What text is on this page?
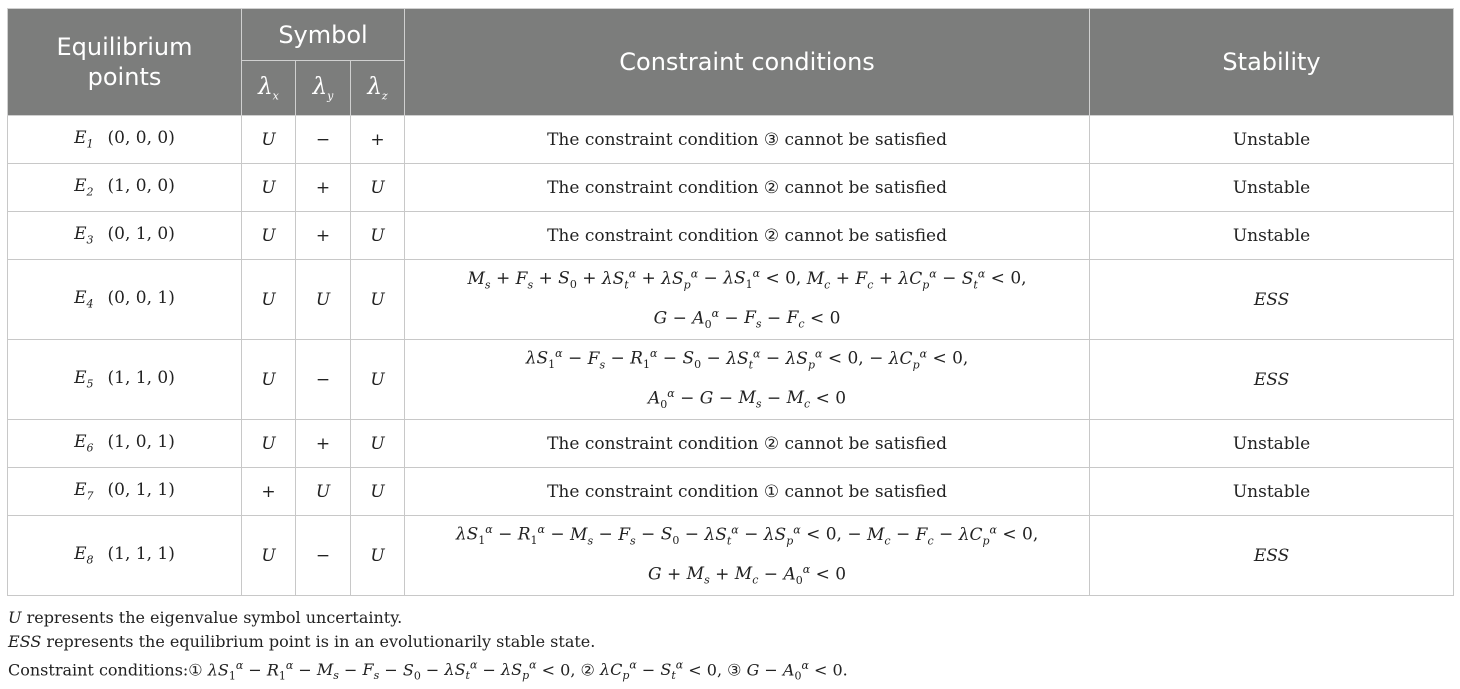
Equilibrium
points	Symbol			Constraint conditions	Stability
	$\lambda_x$	$\lambda_y$	$\lambda_z$
$E_1$ (0, 0, 0)	U	−	+	The constraint condition ③ cannot be satisfied	Unstable
$E_2$ (1, 0, 0)	U	+	U	The constraint condition ② cannot be satisfied	Unstable
$E_3$ (0, 1, 0)	U	+	U	The constraint condition ② cannot be satisfied	Unstable
$E_4$ (0, 0, 1)	U	U	U	$M_s + F_s + S_0 + \lambda S_t^\alpha + \lambda S_p^\alpha - \lambda S_1^\alpha < 0$, $M_c + F_c + \lambda C_p^\alpha - S_t^\alpha < 0$,
$G - A_0^\alpha - F_s - F_c < 0$	ESS
$E_5$ (1, 1, 0)	U	−	U	$\lambda S_1^\alpha - F_s - R_1^\alpha - S_0 - \lambda S_t^\alpha - \lambda S_p^\alpha < 0$, − $\lambda C_p^\alpha < 0$,
$A_0^\alpha - G - M_s - M_c < 0$	ESS
$E_6$ (1, 0, 1)	U	+	U	The constraint condition ② cannot be satisfied	Unstable
$E_7$ (0, 1, 1)	+	U	U	The constraint condition ① cannot be satisfied	Unstable
$E_8$ (1, 1, 1)	U	−	U	$\lambda S_1^\alpha - R_1^\alpha - M_s - F_s - S_0 - \lambda S_t^\alpha - \lambda S_p^\alpha < 0$, − $M_c - F_c - \lambda C_p^\alpha < 0$,
$G + M_s + M_c - A_0^\alpha < 0$	ESS
U represents the eigenvalue symbol uncertainty.
ESS represents the equilibrium point is in an evolutionarily stable state.
Constraint conditions:① $\lambda S_1^\alpha - R_1^\alpha - M_s - F_s - S_0 - \lambda S_t^\alpha - \lambda S_p^\alpha < 0$, ② $\lambda C_p^\alpha - S_t^\alpha < 0$, ③ $G - A_0^\alpha < 0$.
